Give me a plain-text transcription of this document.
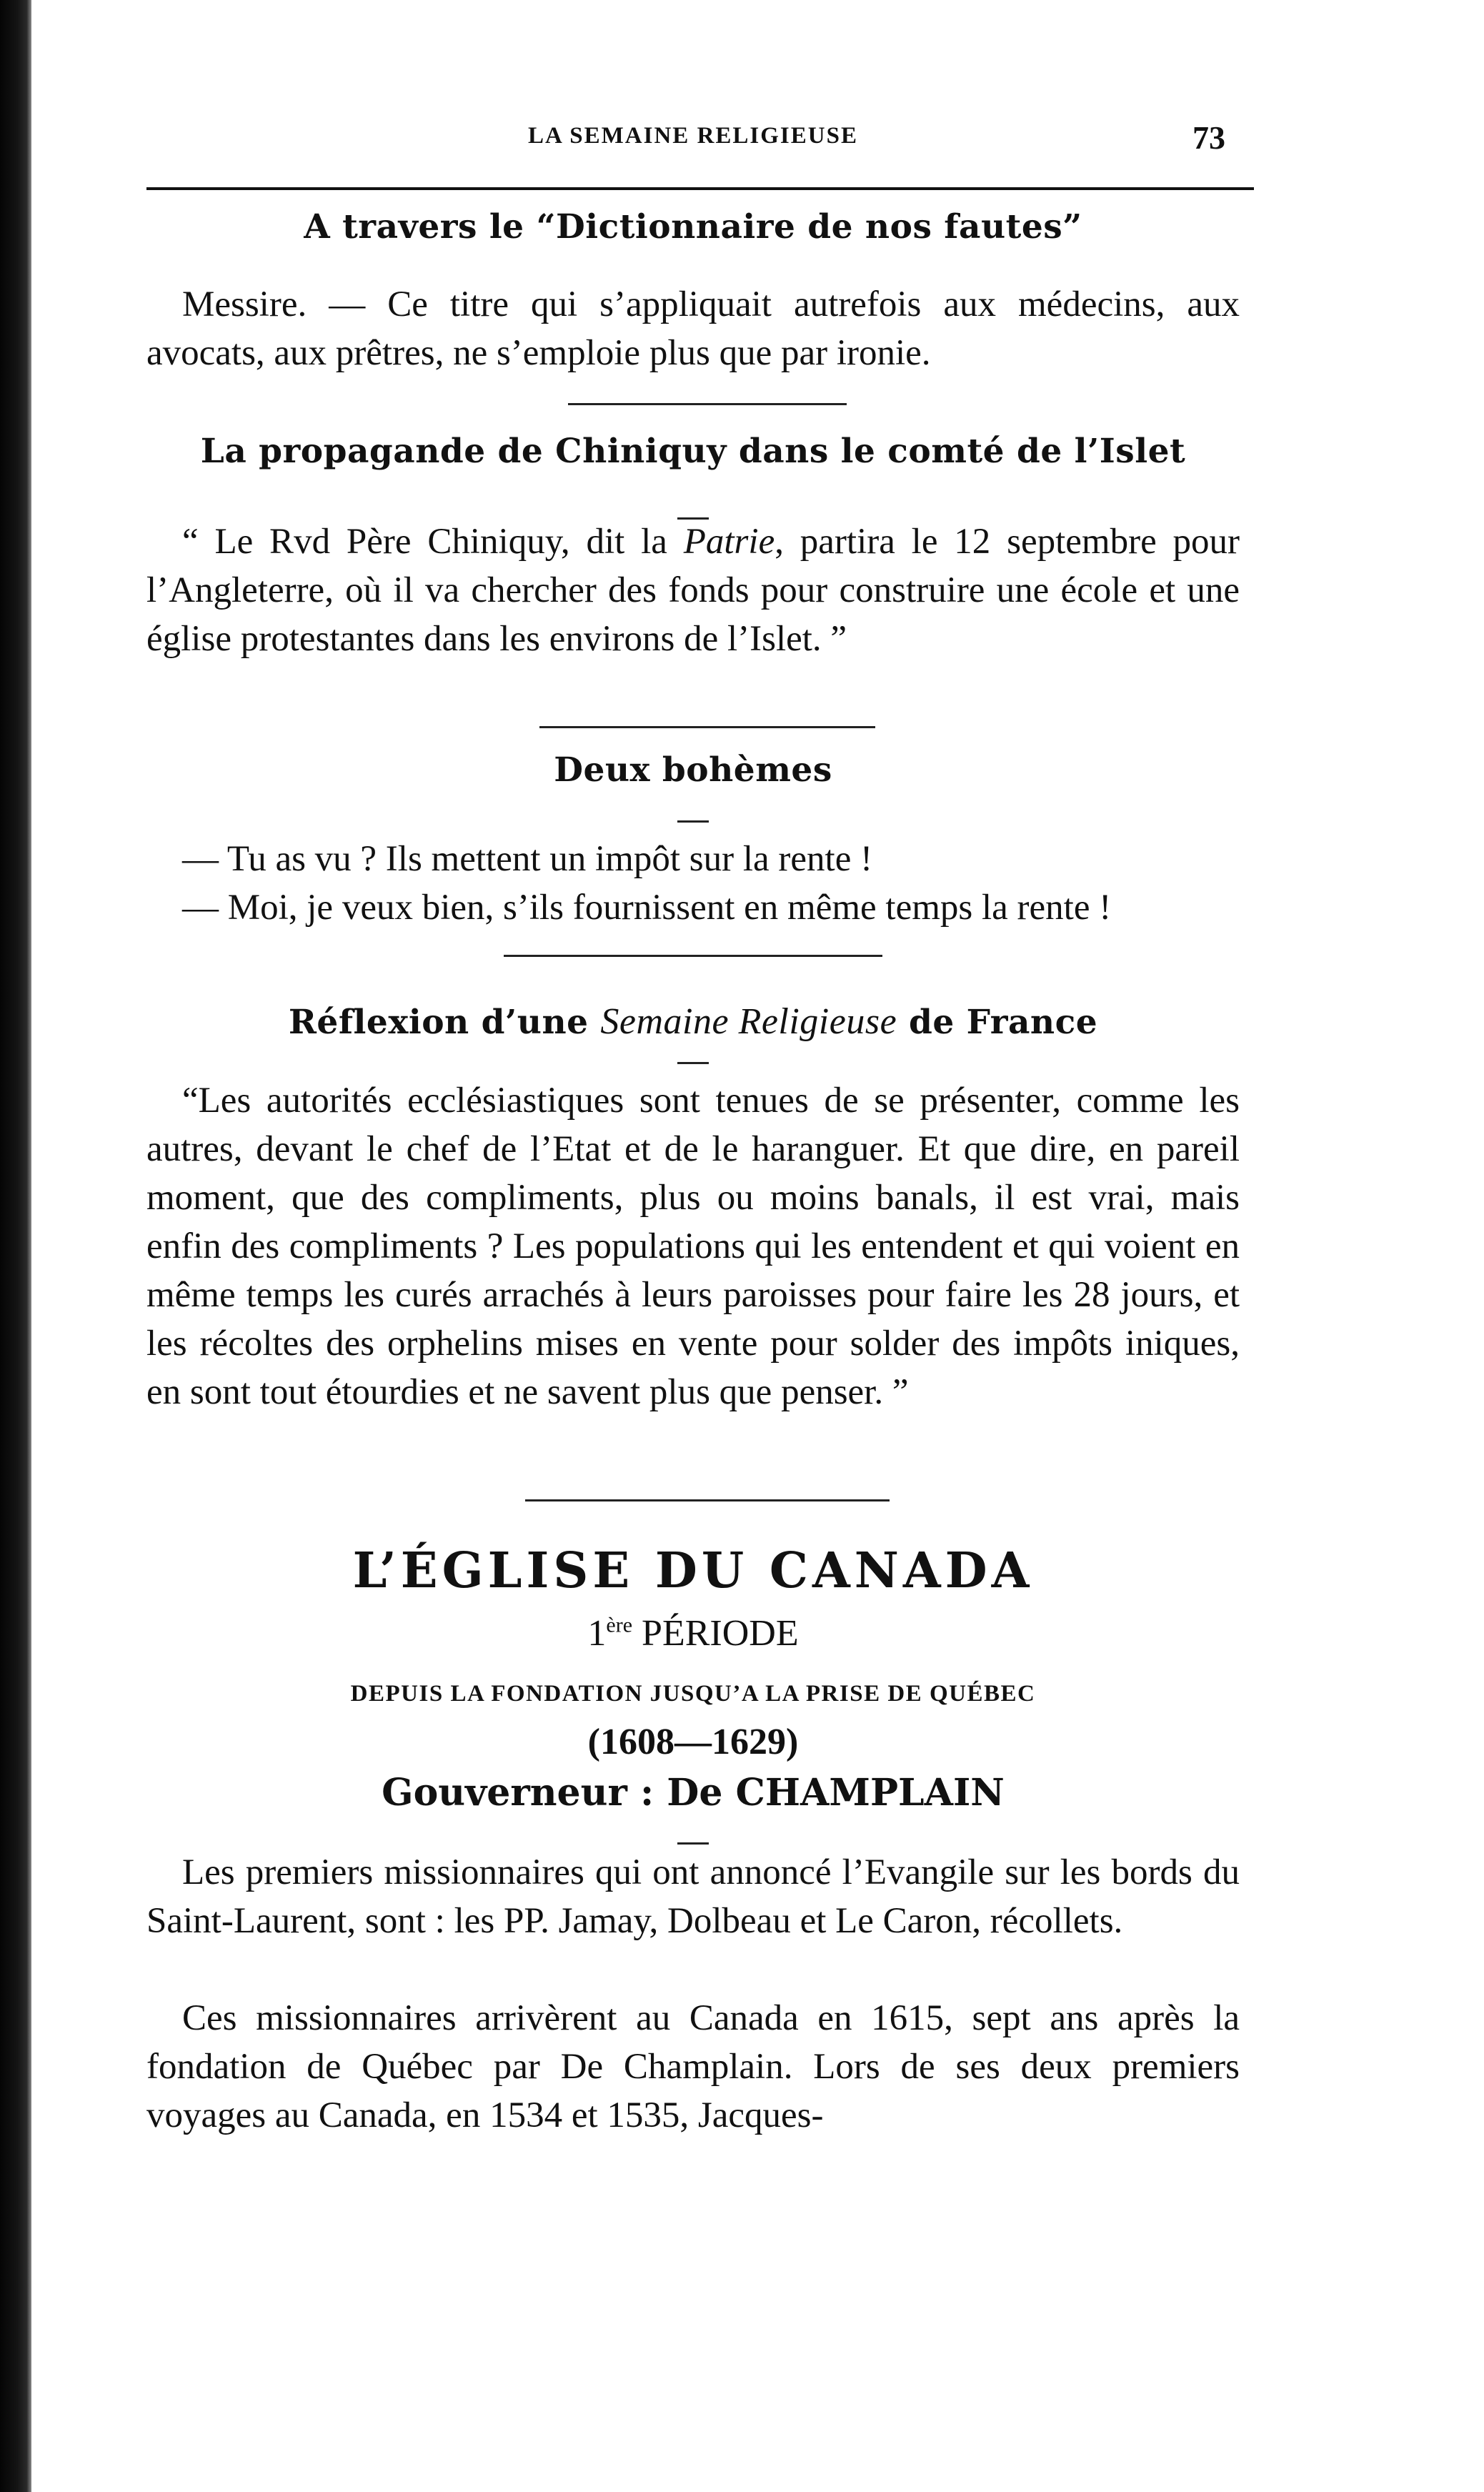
LA SEMAINE RELIGIEUSE	73
A travers le “Dictionnaire de nos fautes”
Messire. — Ce titre qui s’appliquait autrefois aux médecins, aux avocats, aux prêtres, ne s’emploie plus que par ironie.
La propagande de Chiniquy dans le comté de l’Islet
“ Le Rvd Père Chiniquy, dit la Patrie, partira le 12 septembre pour l’Angleterre, où il va chercher des fonds pour construire une école et une église protestantes dans les environs de l’Islet. ”
Deux bohèmes
— Tu as vu ? Ils mettent un impôt sur la rente !
— Moi, je veux bien, s’ils fournissent en même temps la rente !
Réflexion d’une Semaine Religieuse de France
“Les autorités ecclésiastiques sont tenues de se présenter, comme les autres, devant le chef de l’Etat et de le haranguer. Et que dire, en pareil moment, que des compliments, plus ou moins banals, il est vrai, mais enfin des compliments ? Les populations qui les entendent et qui voient en même temps les curés arrachés à leurs paroisses pour faire les 28 jours, et les récoltes des orphelins mises en vente pour solder des impôts iniques, en sont tout étourdies et ne savent plus que penser. ”
L’ÉGLISE DU CANADA
1ère PÉRIODE
DEPUIS LA FONDATION JUSQU’A LA PRISE DE QUÉBEC
(1608—1629)
Gouverneur : De CHAMPLAIN
Les premiers missionnaires qui ont annoncé l’Evangile sur les bords du Saint-Laurent, sont : les PP. Jamay, Dolbeau et Le Caron, récollets.
Ces missionnaires arrivèrent au Canada en 1615, sept ans après la fondation de Québec par De Champlain. Lors de ses deux premiers voyages au Canada, en 1534 et 1535, Jacques-
